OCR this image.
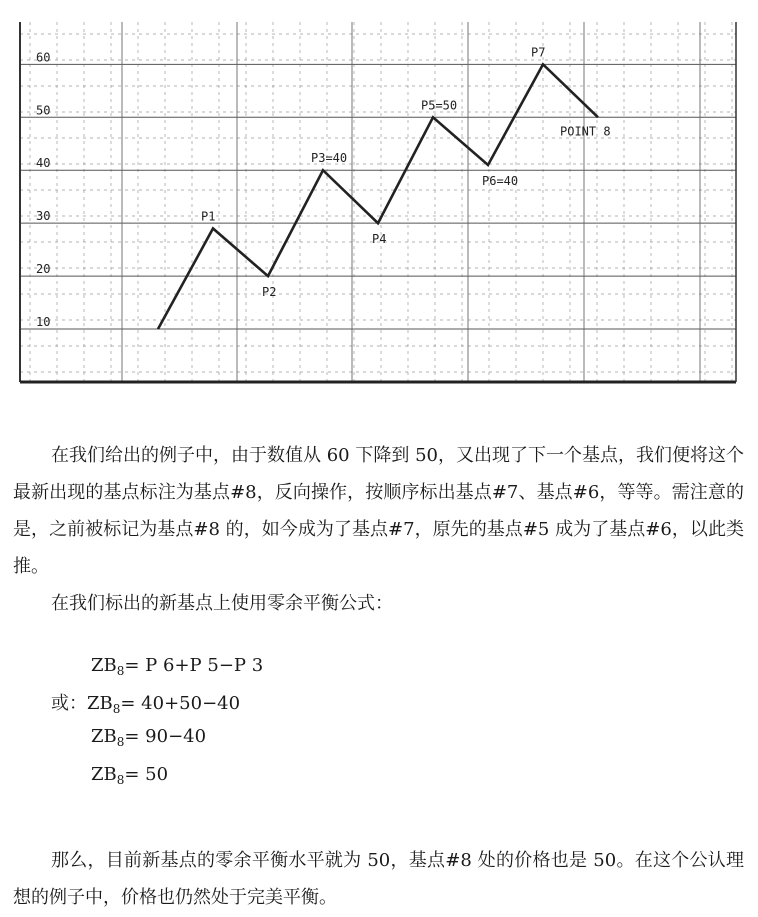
10
20
30
40
50
60
P1
P2
P3=40
P4
P5=50
P6=40
P7
POINT 8

在我们给出的例子中，由于数值从 60 下降到 50，又出现了下一个基点，我们便将这个最新出现的基点标注为基点#8，反向操作，按顺序标出基点#7、基点#6，等等。需注意的是，之前被标记为基点#8 的，如今成为了基点#7，原先的基点#5 成为了基点#6，以此类推。

在我们标出的新基点上使用零余平衡公式：

$ZB_8= P$ 6+P 5−P 3
或：$ZB_8= 40+50-40$
$ZB_8= 90-40$
$ZB_8= 50$

那么，目前新基点的零余平衡水平就为 50，基点#8 处的价格也是 50。在这个公认理想的例子中，价格也仍然处于完美平衡。
